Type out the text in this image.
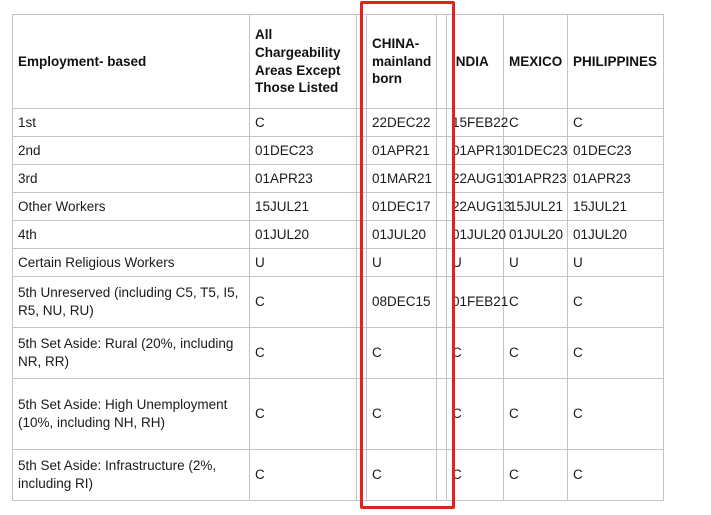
Employment- based	All Chargeability Areas Except Those Listed		CHINA- mainland born		INDIA	MEXICO	PHILIPPINES
1st	C		22DEC22		15FEB22	C	C
2nd	01DEC23		01APR21		01APR13	01DEC23	01DEC23
3rd	01APR23		01MAR21		22AUG13	01APR23	01APR23
Other Workers	15JUL21		01DEC17		22AUG13	15JUL21	15JUL21
4th	01JUL20		01JUL20		01JUL20	01JUL20	01JUL20
Certain Religious Workers	U		U		U	U	U
5th Unreserved (including C5, T5, I5, R5, NU, RU)	C		08DEC15		01FEB21	C	C
5th Set Aside: Rural (20%, including NR, RR)	C		C		C	C	C
5th Set Aside: High Unemployment (10%, including NH, RH)	C		C		C	C	C
5th Set Aside: Infrastructure (2%, including RI)	C		C		C	C	C
